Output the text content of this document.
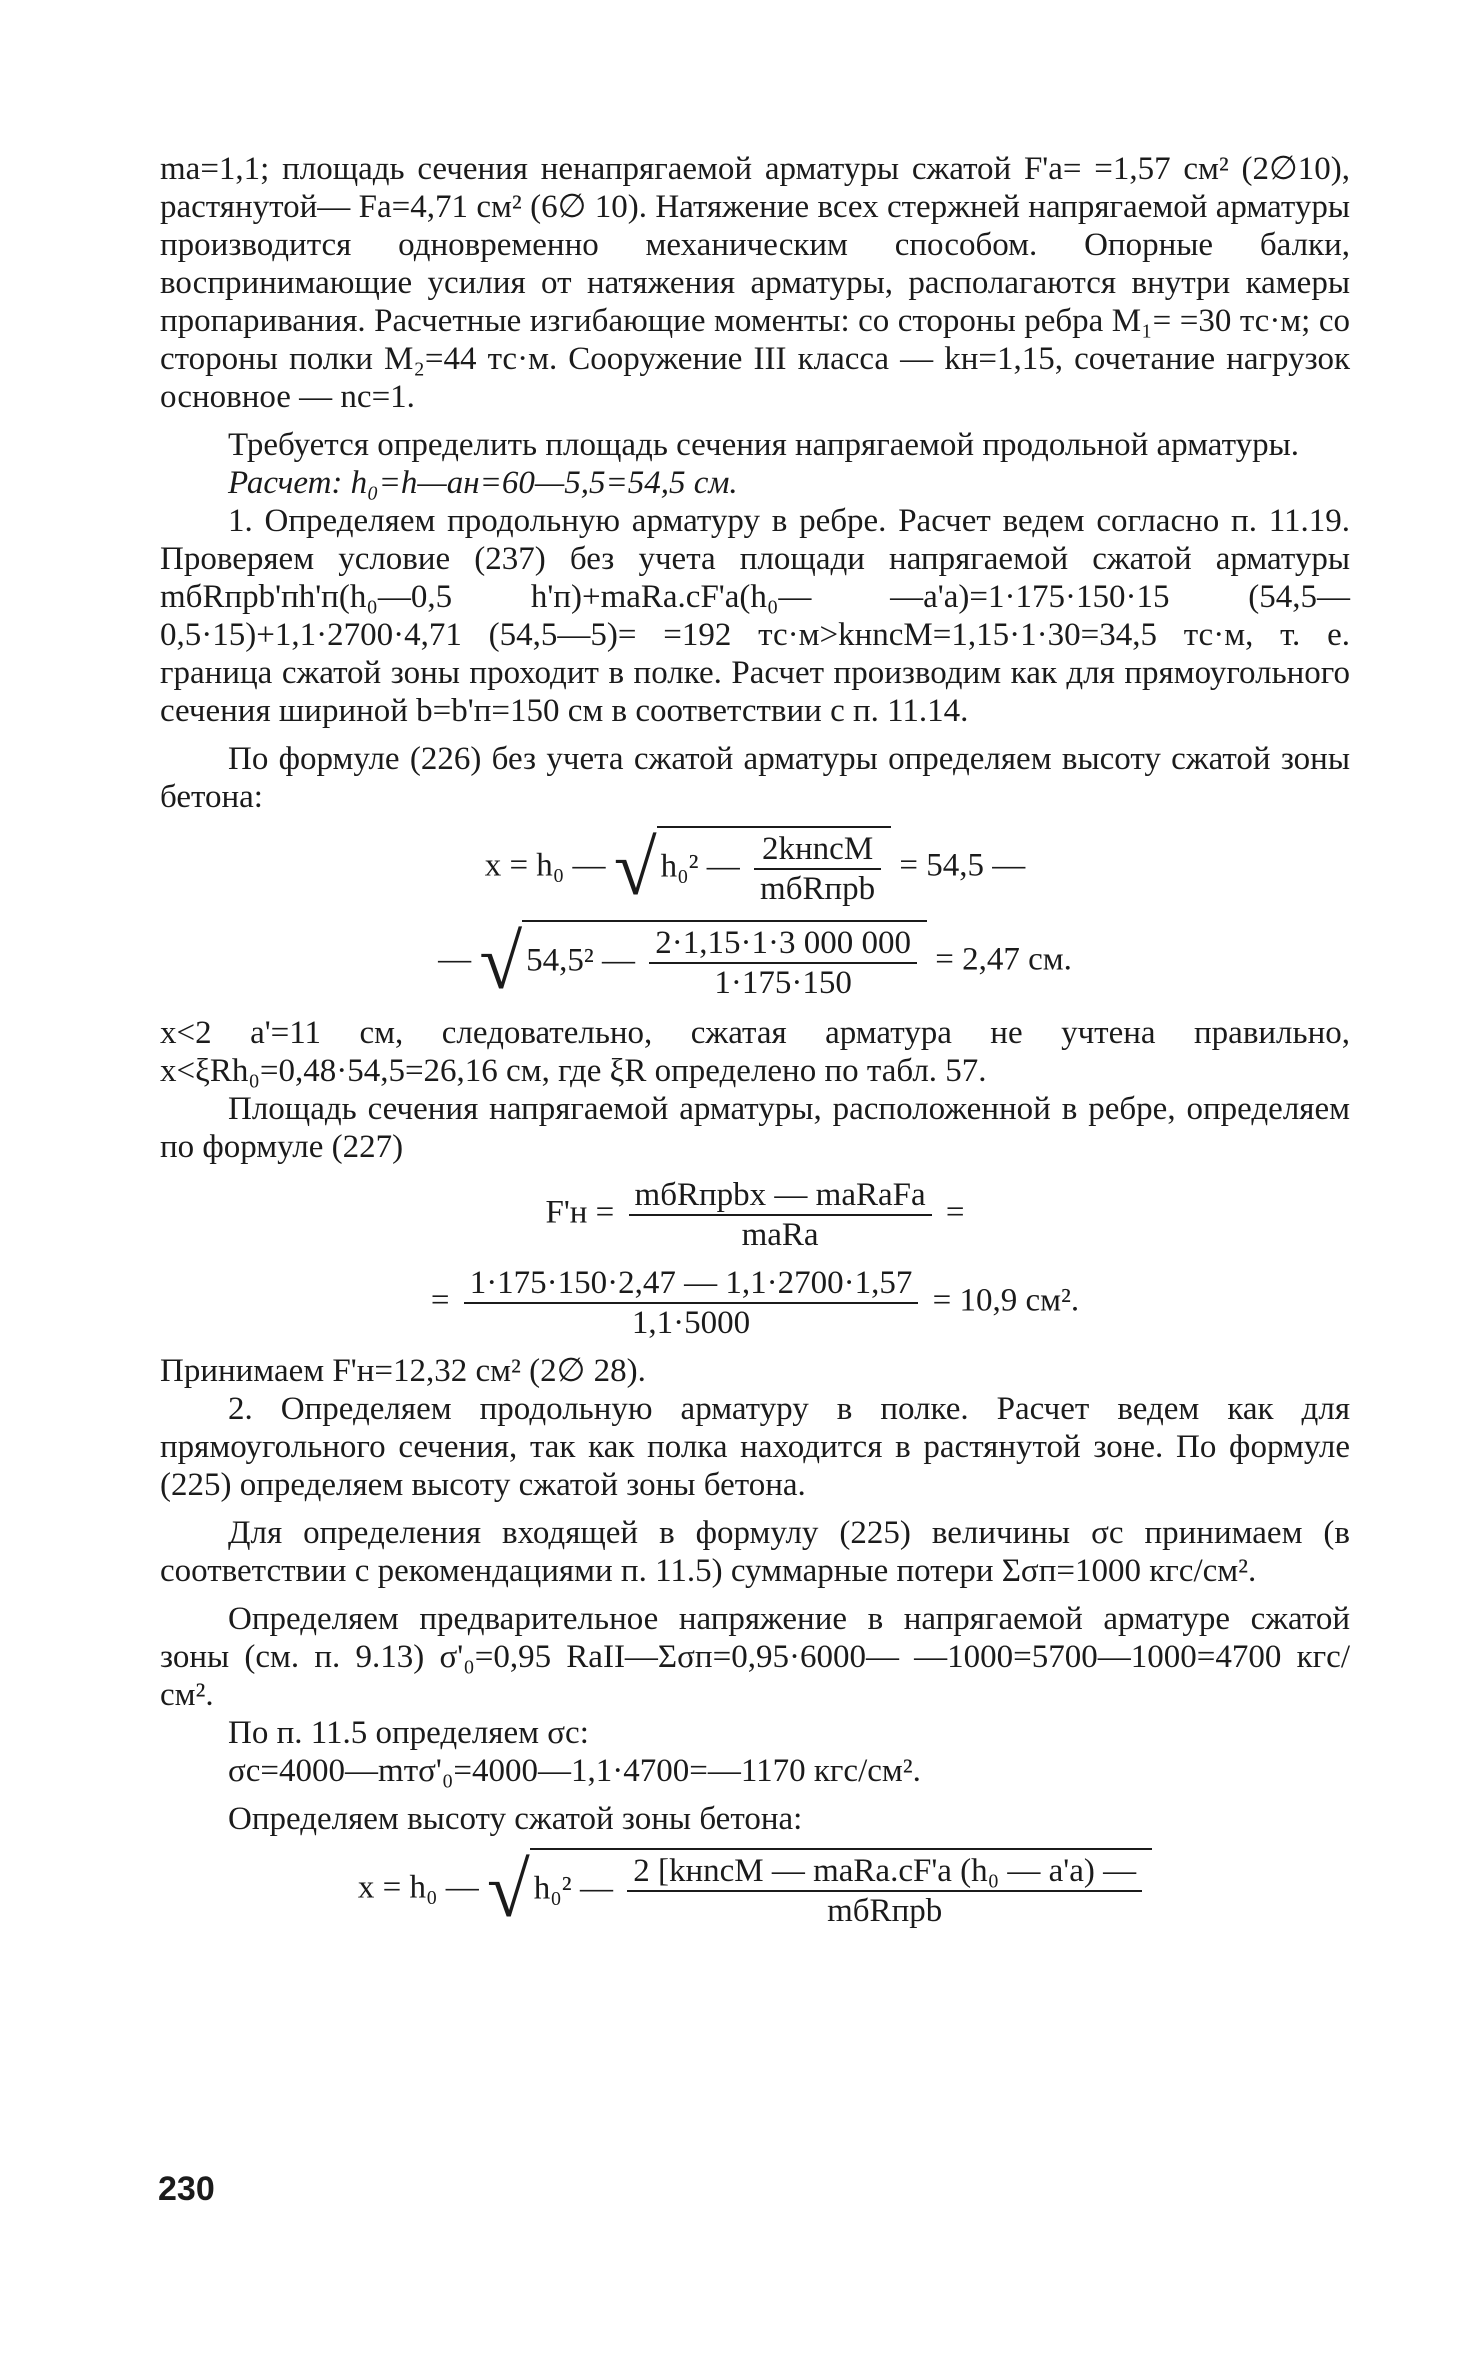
mа=1,1; площадь сечения ненапрягаемой арматуры сжатой F'а= =1,57 см² (2∅10), растянутой— Fа=4,71 см² (6∅ 10). Натяжение всех стержней напрягаемой арматуры производится одновременно механическим способом. Опорные балки, воспринимающие усилия от натяжения арматуры, располагаются внутри камеры пропаривания. Расчетные изгибающие моменты: со стороны ребра M₁= =30 тс·м; со стороны полки M₂=44 тс·м. Сооружение III класса — kн=1,15, сочетание нагрузок основное — nс=1.

Требуется определить площадь сечения напрягаемой продольной арматуры.

Расчет: h₀=h—aн=60—5,5=54,5 см.

1. Определяем продольную арматуру в ребре. Расчет ведем согласно п. 11.19. Проверяем условие (237) без учета площади напрягаемой сжатой арматуры mбRпрb'пh'п(h₀—0,5 h'п)+mаRа.сF'а(h₀— —a'а)=1·175·150·15 (54,5—0,5·15)+1,1·2700·4,71 (54,5—5)= =192 тс·м>kнnсM=1,15·1·30=34,5 тс·м, т. е. граница сжатой зоны проходит в полке. Расчет производим как для прямоугольного сечения шириной b=b'п=150 см в соответствии с п. 11.14.

По формуле (226) без учета сжатой арматуры определяем высоту сжатой зоны бетона:

x = h₀ — √ h₀² — $\frac{\text{2kнnсM}}{\text{mбRпрb}} = 54,5$ —
— √ 54,5² — $\frac{2\cdot 1,15\cdot 1\cdot 3 000 000}{1\cdot 175\cdot 150} = 2,47$ см.

x<2 a'=11 см, следовательно, сжатая арматура не учтена правильно, x<ξRh₀=0,48·54,5=26,16 см, где ξR определено по табл. 57.

Площадь сечения напрягаемой арматуры, расположенной в ребре, определяем по формуле (227)

$F'н = \frac{\text{mбRпрbx — mаRаFа}}{\text{mаRа}}$ =
= $\frac{1\cdot 175\cdot 150\cdot 2,47 — 1,1\cdot 2700\cdot 1,57}{1,1\cdot 5000} = 10,9$ см².

Принимаем F'н=12,32 см² (2∅ 28).

2. Определяем продольную арматуру в полке. Расчет ведем как для прямоугольного сечения, так как полка находится в растянутой зоне. По формуле (225) определяем высоту сжатой зоны бетона.

Для определения входящей в формулу (225) величины σс принимаем (в соответствии с рекомендациями п. 11.5) суммарные потери Σσп=1000 кгс/см².

Определяем предварительное напряжение в напрягаемой арматуре сжатой зоны (см. п. 9.13) σ'₀=0,95 RаII—Σσп=0,95·6000— —1000=5700—1000=4700 кгс/см².

По п. 11.5 определяем σс:

σс=4000—mтσ'₀=4000—1,1·4700=—1170 кгс/см².

Определяем высоту сжатой зоны бетона:

x = h₀ — √ h₀² — $\frac{\text{2 [kнnсM — mаRа.сF'а (h₀ — a'а) —}}{\text{mбRпрb}}$
230
